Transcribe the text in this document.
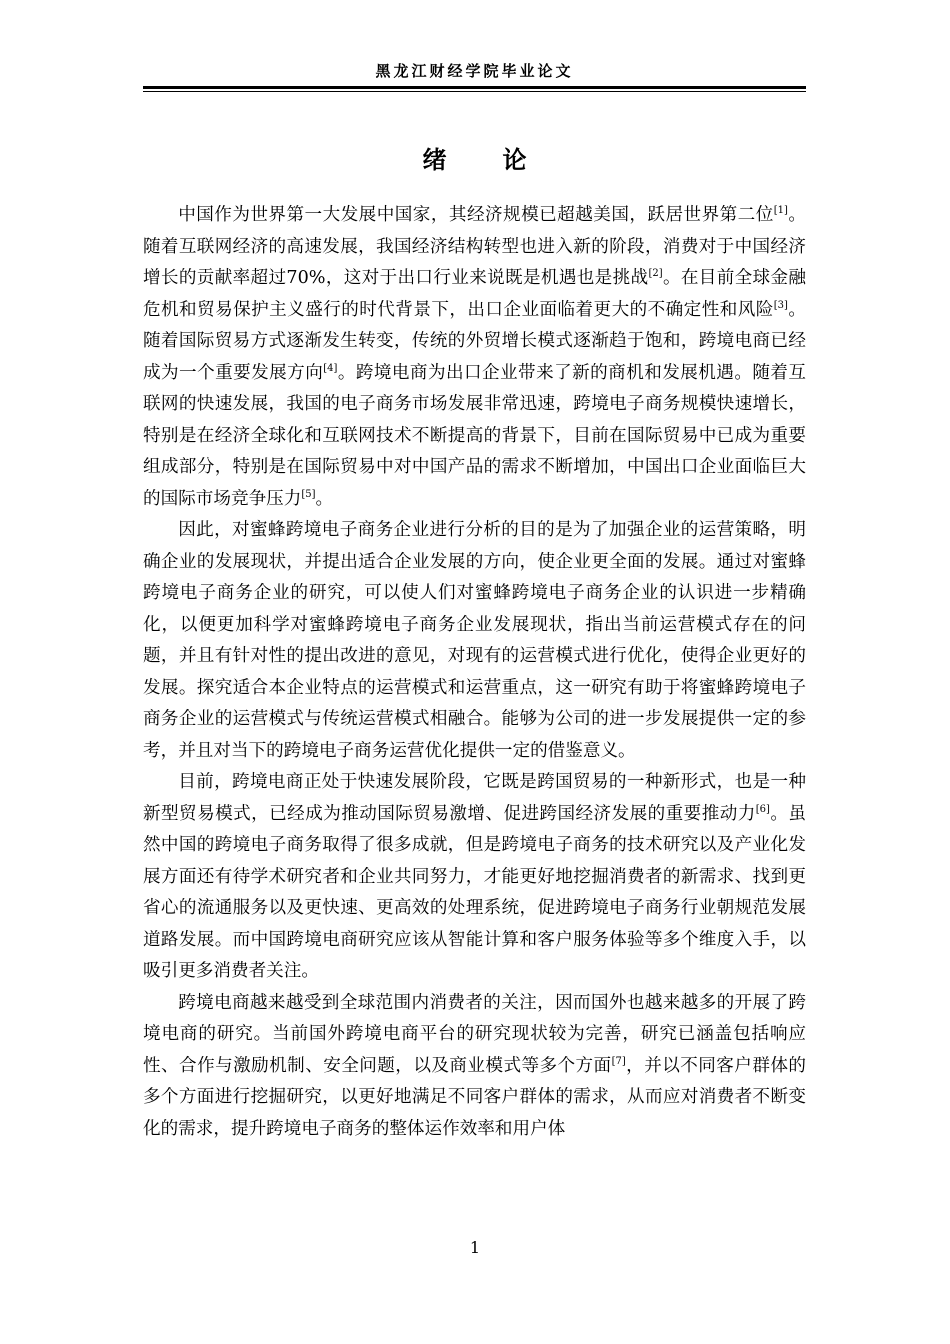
黑龙江财经学院毕业论文
绪 论

中国作为世界第一大发展中国家，其经济规模已超越美国，跃居世界第二位[1]。随着互联网经济的高速发展，我国经济结构转型也进入新的阶段，消费对于中国经济增长的贡献率超过70%，这对于出口行业来说既是机遇也是挑战[2]。在目前全球金融危机和贸易保护主义盛行的时代背景下，出口企业面临着更大的不确定性和风险[3]。随着国际贸易方式逐渐发生转变，传统的外贸增长模式逐渐趋于饱和，跨境电商已经成为一个重要发展方向[4]。跨境电商为出口企业带来了新的商机和发展机遇。随着互联网的快速发展，我国的电子商务市场发展非常迅速，跨境电子商务规模快速增长，特别是在经济全球化和互联网技术不断提高的背景下，目前在国际贸易中已成为重要组成部分，特别是在国际贸易中对中国产品的需求不断增加，中国出口企业面临巨大的国际市场竞争压力[5]。

因此，对蜜蜂跨境电子商务企业进行分析的目的是为了加强企业的运营策略，明确企业的发展现状，并提出适合企业发展的方向，使企业更全面的发展。通过对蜜蜂跨境电子商务企业的研究，可以使人们对蜜蜂跨境电子商务企业的认识进一步精确化，以便更加科学对蜜蜂跨境电子商务企业发展现状，指出当前运营模式存在的问题，并且有针对性的提出改进的意见，对现有的运营模式进行优化，使得企业更好的发展。探究适合本企业特点的运营模式和运营重点，这一研究有助于将蜜蜂跨境电子商务企业的运营模式与传统运营模式相融合。能够为公司的进一步发展提供一定的参考，并且对当下的跨境电子商务运营优化提供一定的借鉴意义。

目前，跨境电商正处于快速发展阶段，它既是跨国贸易的一种新形式，也是一种新型贸易模式，已经成为推动国际贸易激增、促进跨国经济发展的重要推动力[6]。虽然中国的跨境电子商务取得了很多成就，但是跨境电子商务的技术研究以及产业化发展方面还有待学术研究者和企业共同努力，才能更好地挖掘消费者的新需求、找到更省心的流通服务以及更快速、更高效的处理系统，促进跨境电子商务行业朝规范发展道路发展。而中国跨境电商研究应该从智能计算和客户服务体验等多个维度入手，以吸引更多消费者关注。

跨境电商越来越受到全球范围内消费者的关注，因而国外也越来越多的开展了跨境电商的研究。当前国外跨境电商平台的研究现状较为完善，研究已涵盖包括响应性、合作与激励机制、安全问题，以及商业模式等多个方面[7]，并以不同客户群体的多个方面进行挖掘研究，以更好地满足不同客户群体的需求，从而应对消费者不断变化的需求，提升跨境电子商务的整体运作效率和用户体

1
